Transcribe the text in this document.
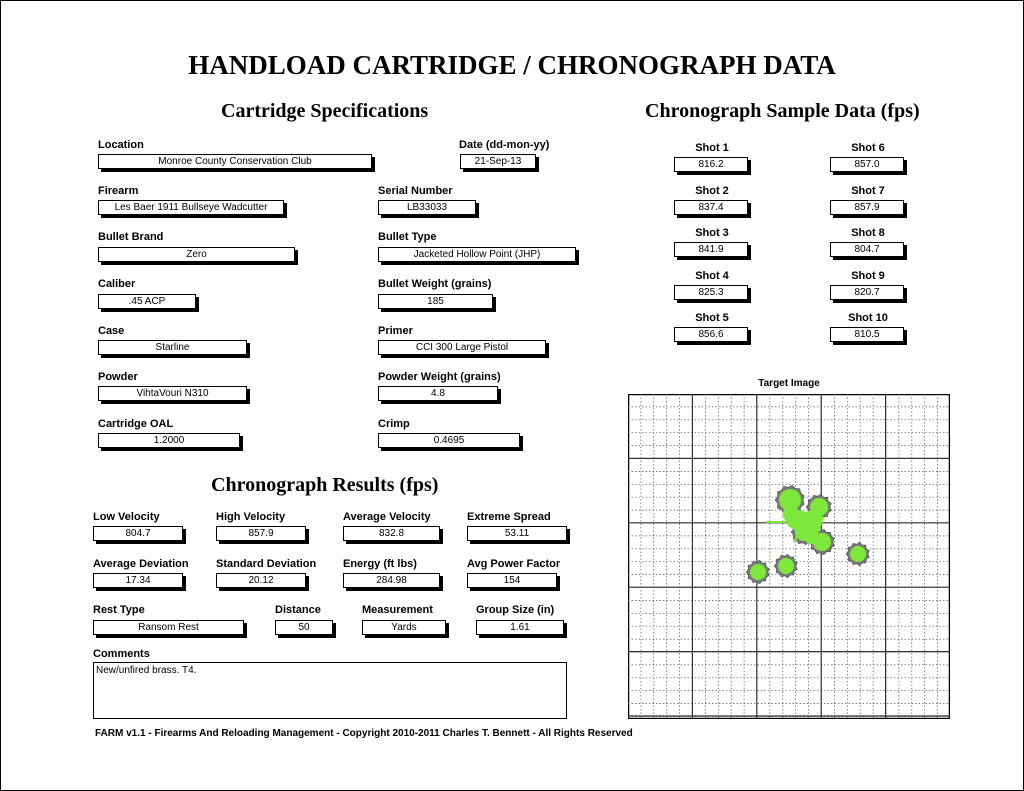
HANDLOAD CARTRIDGE / CHRONOGRAPH DATA
Cartridge Specifications
Location
Monroe County Conservation Club
Date (dd-mon-yy)
21-Sep-13
Firearm
Les Baer 1911 Bullseye Wadcutter
Serial Number
LB33033
Bullet Brand
Zero
Bullet Type
Jacketed Hollow Point (JHP)
Caliber
.45 ACP
Bullet Weight (grains)
185
Case
Starline
Primer
CCI 300 Large Pistol
Powder
VihtaVouri N310
Powder Weight (grains)
4.8
Cartridge OAL
1.2000
Crimp
0.4695
Chronograph Sample Data (fps)
Shot 1
816.2
Shot 2
837.4
Shot 3
841.9
Shot 4
825.3
Shot 5
856.6
Shot 6
857.0
Shot 7
857.9
Shot 8
804.7
Shot 9
820.7
Shot 10
810.5
Target Image
Chronograph Results (fps)
Low Velocity
804.7
High Velocity
857.9
Average Velocity
832.8
Extreme Spread
53.11
Average Deviation
17.34
Standard Deviation
20.12
Energy (ft lbs)
284.98
Avg Power Factor
154
Rest Type
Ransom Rest
Distance
50
Measurement
Yards
Group Size (in)
1.61
Comments
New/unfired brass. T4.
FARM v1.1 - Firearms And Reloading Management - Copyright 2010-2011 Charles T. Bennett - All Rights Reserved
